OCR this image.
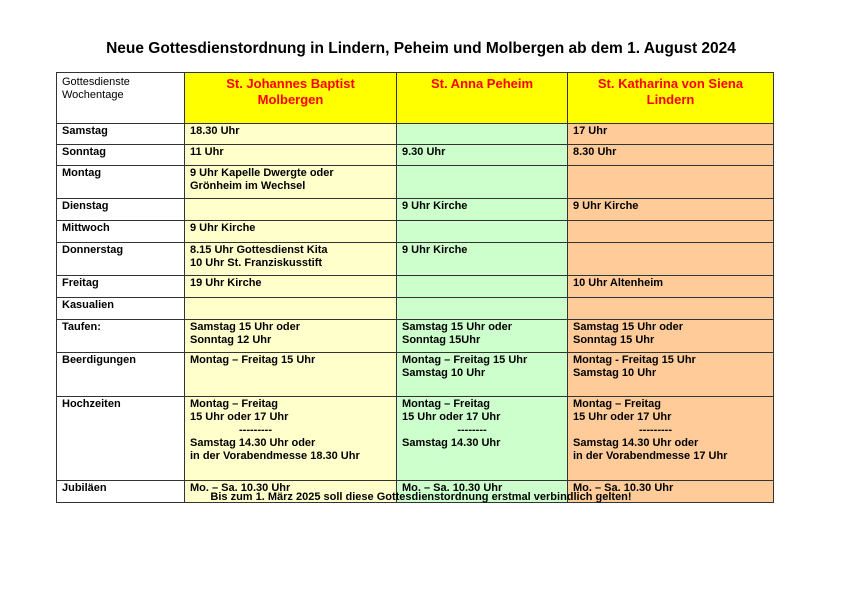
Neue Gottesdienstordnung in Lindern, Peheim und Molbergen ab dem 1. August 2024
Gottesdienste
Wochentage	St. Johannes Baptist
Molbergen	St. Anna Peheim	St. Katharina von Siena
Lindern

Samstag	18.30 Uhr		17 Uhr

Sonntag	11 Uhr	9.30 Uhr	8.30 Uhr

Montag	9 Uhr Kapelle Dwergte oder
Grönheim im Wechsel		

Dienstag		9 Uhr Kirche	9 Uhr Kirche

Mittwoch	9 Uhr Kirche		

Donnerstag	8.15 Uhr Gottesdienst Kita
10 Uhr St. Franziskusstift	9 Uhr Kirche	

Freitag	19 Uhr Kirche		10 Uhr Altenheim

Kasualien			
Taufen:	Samstag 15 Uhr oder
Sonntag 12 Uhr	Samstag 15 Uhr oder
Sonntag 15Uhr	Samstag 15 Uhr oder
Sonntag 15 Uhr

Beerdigungen	Montag – Freitag 15 Uhr	Montag – Freitag 15 Uhr
Samstag 10 Uhr	Montag - Freitag 15 Uhr
Samstag 10 Uhr

Hochzeiten	Montag – Freitag
15 Uhr oder 17 Uhr
---------
Samstag 14.30 Uhr oder
in der Vorabendmesse 18.30 Uhr	Montag – Freitag
15 Uhr oder 17 Uhr
--------
Samstag 14.30 Uhr	Montag – Freitag
15 Uhr oder 17 Uhr
---------
Samstag 14.30 Uhr oder
in der Vorabendmesse 17 Uhr

Jubiläen	Mo. – Sa. 10.30 Uhr	Mo. – Sa. 10.30 Uhr	Mo. – Sa. 10.30 Uhr
Bis zum 1. März 2025 soll diese Gottesdienstordnung erstmal verbindlich gelten!
